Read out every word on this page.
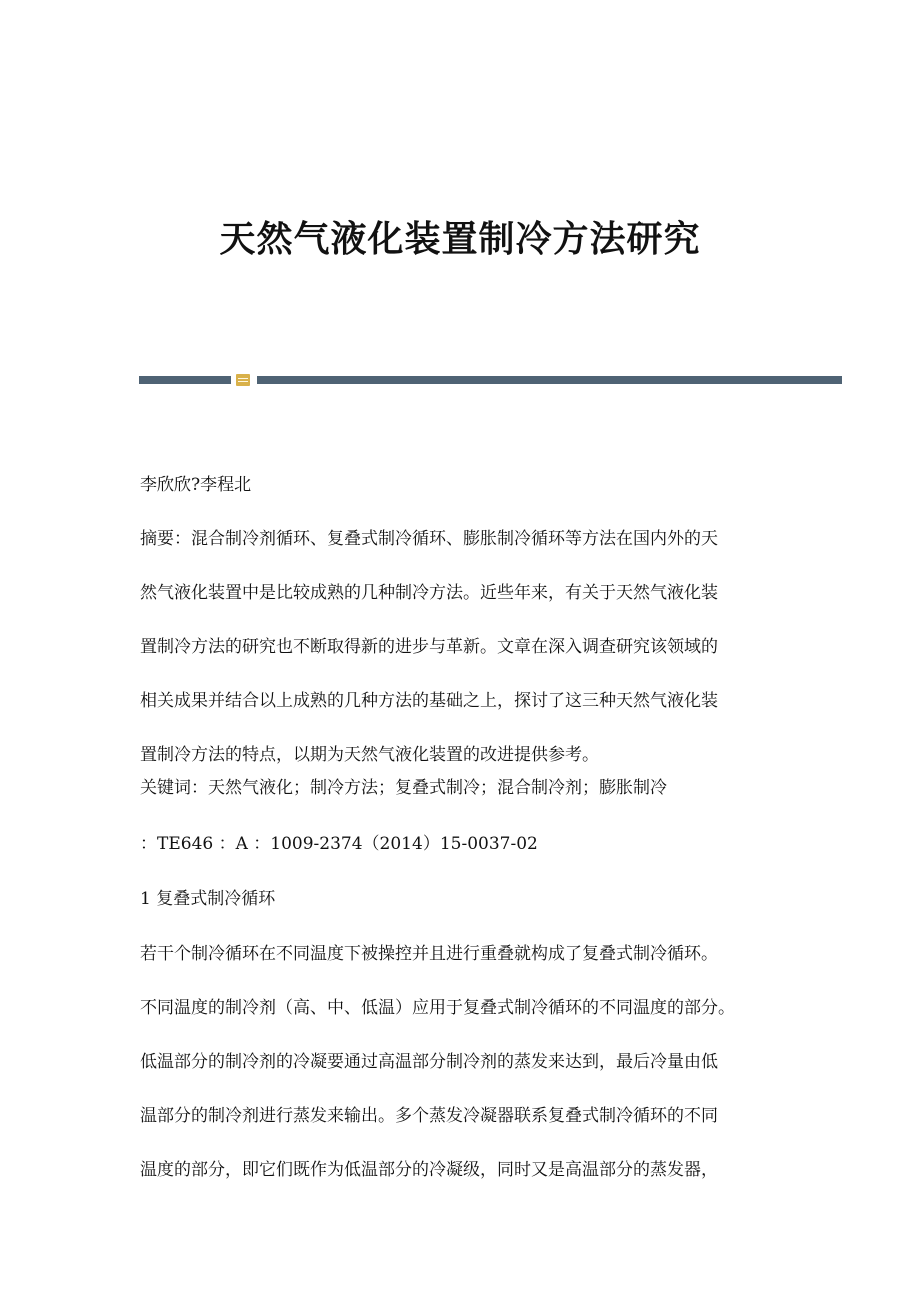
天然气液化装置制冷方法研究

李欣欣?李程北

摘要：混合制冷剂循环、复叠式制冷循环、膨胀制冷循环等方法在国内外的天
然气液化装置中是比较成熟的几种制冷方法。近些年来，有关于天然气液化装
置制冷方法的研究也不断取得新的进步与革新。文章在深入调查研究该领域的
相关成果并结合以上成熟的几种方法的基础之上，探讨了这三种天然气液化装
置制冷方法的特点，以期为天然气液化装置的改进提供参考。

关键词：天然气液化；制冷方法；复叠式制冷；混合制冷剂；膨胀制冷

：TE646 ：A ：1009-2374（2014）15-0037-02

1 复叠式制冷循环

若干个制冷循环在不同温度下被操控并且进行重叠就构成了复叠式制冷循环。
不同温度的制冷剂（高、中、低温）应用于复叠式制冷循环的不同温度的部分。
低温部分的制冷剂的冷凝要通过高温部分制冷剂的蒸发来达到，最后冷量由低
温部分的制冷剂进行蒸发来输出。多个蒸发冷凝器联系复叠式制冷循环的不同
温度的部分，即它们既作为低温部分的冷凝级，同时又是高温部分的蒸发器，
